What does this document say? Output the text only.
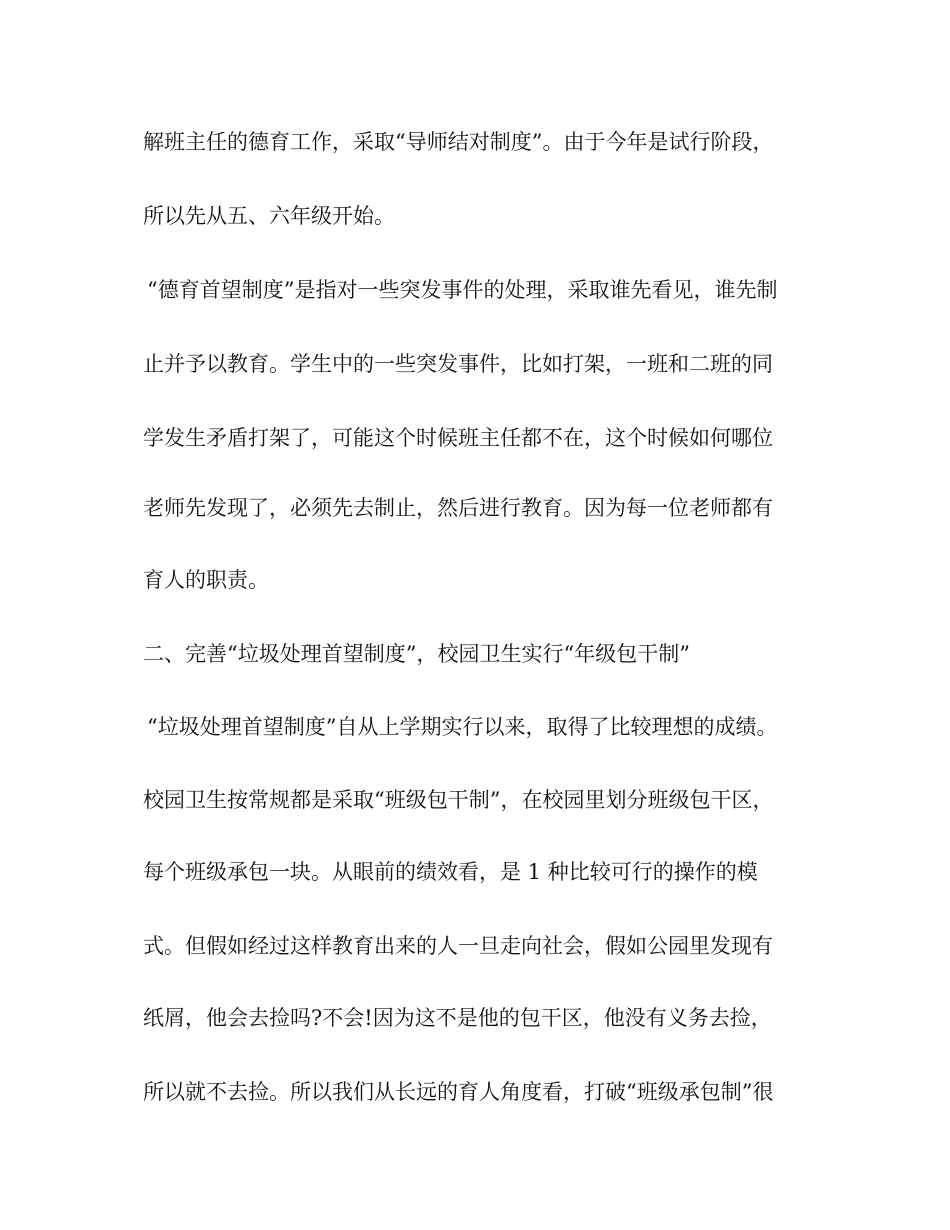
解班主任的德育工作，采取“导师结对制度”。由于今年是试行阶段，

所以先从五、六年级开始。

“德育首望制度”是指对一些突发事件的处理，采取谁先看见，谁先制

止并予以教育。学生中的一些突发事件，比如打架，一班和二班的同

学发生矛盾打架了，可能这个时候班主任都不在，这个时候如何哪位

老师先发现了，必须先去制止，然后进行教育。因为每一位老师都有

育人的职责。

二、完善“垃圾处理首望制度”，校园卫生实行“年级包干制”

“垃圾处理首望制度”自从上学期实行以来，取得了比较理想的成绩。

校园卫生按常规都是采取“班级包干制”，在校园里划分班级包干区，

每个班级承包一块。从眼前的绩效看，是 1 种比较可行的操作的模

式。但假如经过这样教育出来的人一旦走向社会，假如公园里发现有

纸屑，他会去捡吗?不会!因为这不是他的包干区，他没有义务去捡，

所以就不去捡。所以我们从长远的育人角度看，打破“班级承包制”很
